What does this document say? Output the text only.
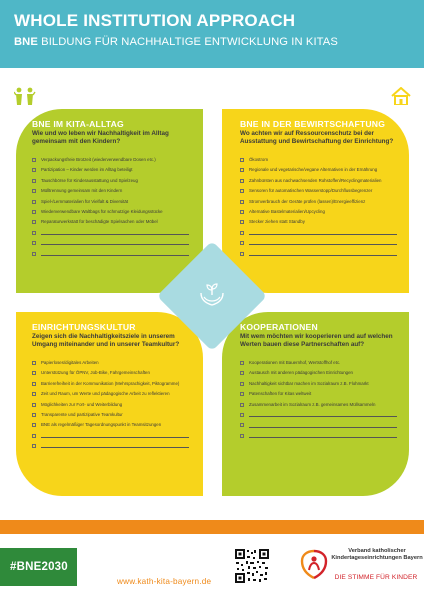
WHOLE INSTITUTION APPROACH
BNE BILDUNG FÜR NACHHALTIGE ENTWICKLUNG IN KITAS
BNE IM KITA-ALLTAG
Wie und wo leben wir Nachhaltigkeit im Alltag gemeinsam mit den Kindern?
Verpackungsfreie Brotzeit (wiederverwendbare Dosen etc.)
Partizipation – Kinder werden im Alltag beteiligt
Tauschbörse für Kinderausstattung und Spielzeug
Mülltrennung gemeinsam mit den Kindern
Spiel-/Lernmaterialien für Vielfalt & Diversität
Wiederverwendbare Waltbags für schmutzige Kleidungsstücke
Reparaturwerkstatt für beschädigte Spielsachen oder Möbel
BNE IN DER BEWIRTSCHAFTUNG
Wo achten wir auf Ressourcenschutz bei der Ausstattung und Bewirtschaftung der Einrichtung?
Ökostrom
Regionale und vegetarische/vegane Alternativen in der Ernährung
Zahnbürsten aus nachwachsenden Rohstoffen/Recyclingmaterialien
Sensoren für automatischen Wasserstopp/Durchflussbegrenzer
Stromverbrauch der Geräte prüfen (lassen)/Energieeffizienz
Alternative Bastelmaterialien/Upcycling
Stecker ziehen statt Standby
EINRICHTUNGSKULTUR
Zeigen sich die Nachhaltigkeitsziele in unserem Umgang miteinander und in unserer Teamkultur?
Papierloses/digitales Arbeiten
Unterstützung für ÖPNV, Job-Bike, Fahrgemeinschaften
Barrierefreiheit in der Kommunikation (Mehrsprachigkeit, Piktogramme)
Zeit und Raum, um Werte und pädagogische Arbeit zu reflektieren
Möglichkeiten zur Fort- und Weiterbildung
Transparente und partizipative Teamkultur
BNE als regelmäßiger Tagesordnungspunkt in Teamsitzungen
KOOPERATIONEN
Mit wem möchten wir kooperieren und auf welchen Werten bauen diese Partnerschaften auf?
Kooperationen mit Bauernhof, Wertstoffhof etc.
Austausch mit anderen pädagogischen Einrichtungen
Nachhaltigkeit sichtbar machen im Sozialraum z.B. Flohmarkt
Patenschaften für Kitas weltweit
Zusammenarbeit im Sozialraum z.B. gemeinsames Müllsammeln
#BNE2030
www.kath-kita-bayern.de
Verband katholischer Kindertageseinrichtungen Bayern
DIE STIMME FÜR KINDER
